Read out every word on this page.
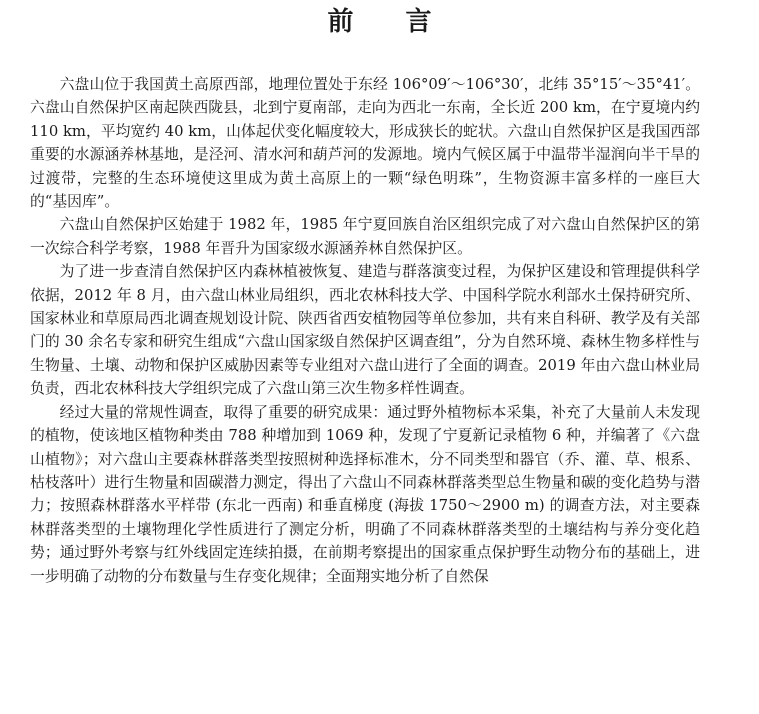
前言

六盘山位于我国黄土高原西部，地理位置处于东经 106°09′～106°30′，北纬 35°15′～35°41′。六盘山自然保护区南起陕西陇县，北到宁夏南部，走向为西北一东南，全长近 200 km，在宁夏境内约 110 km，平均宽约 40 km，山体起伏变化幅度较大，形成狭长的蛇状。六盘山自然保护区是我国西部重要的水源涵养林基地，是泾河、清水河和葫芦河的发源地。境内气候区属于中温带半湿润向半干旱的过渡带，完整的生态环境使这里成为黄土高原上的一颗“绿色明珠”，生物资源丰富多样的一座巨大的“基因库”。

六盘山自然保护区始建于 1982 年，1985 年宁夏回族自治区组织完成了对六盘山自然保护区的第一次综合科学考察，1988 年晋升为国家级水源涵养林自然保护区。

为了进一步查清自然保护区内森林植被恢复、建造与群落演变过程，为保护区建设和管理提供科学依据，2012 年 8 月，由六盘山林业局组织，西北农林科技大学、中国科学院水利部水土保持研究所、国家林业和草原局西北调查规划设计院、陕西省西安植物园等单位参加，共有来自科研、教学及有关部门的 30 余名专家和研究生组成“六盘山国家级自然保护区调查组”，分为自然环境、森林生物多样性与生物量、土壤、动物和保护区威胁因素等专业组对六盘山进行了全面的调查。2019 年由六盘山林业局负责，西北农林科技大学组织完成了六盘山第三次生物多样性调查。

经过大量的常规性调查，取得了重要的研究成果：通过野外植物标本采集，补充了大量前人未发现的植物，使该地区植物种类由 788 种增加到 1069 种，发现了宁夏新记录植物 6 种，并编著了《六盘山植物》；对六盘山主要森林群落类型按照树种选择标准木，分不同类型和器官（乔、灌、草、根系、枯枝落叶）进行生物量和固碳潜力测定，得出了六盘山不同森林群落类型总生物量和碳的变化趋势与潜力；按照森林群落水平样带 (东北一西南) 和垂直梯度 (海拔 1750～2900 m) 的调查方法，对主要森林群落类型的土壤物理化学性质进行了测定分析，明确了不同森林群落类型的土壤结构与养分变化趋势；通过野外考察与红外线固定连续拍摄，在前期考察提出的国家重点保护野生动物分布的基础上，进一步明确了动物的分布数量与生存变化规律；全面翔实地分析了自然保
